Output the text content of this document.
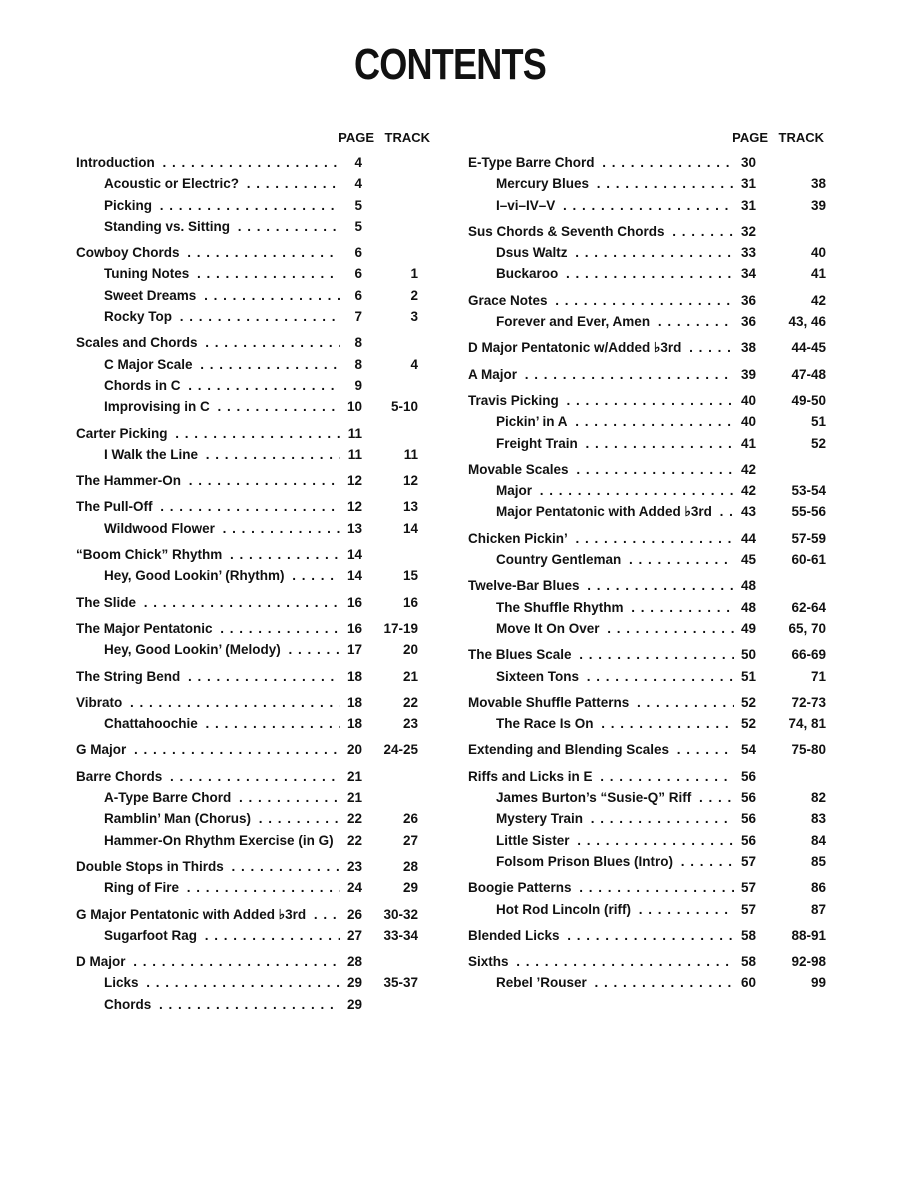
CONTENTS
PAGE TRACK
Introduction . . .	4
Acoustic or Electric? . . .	4
Picking . . .	5
Standing vs. Sitting . . .	5
Cowboy Chords . . .	6
Tuning Notes . . .	6	1
Sweet Dreams . . .	6	2
Rocky Top . . .	7	3
Scales and Chords . . .	8
C Major Scale . . .	8	4
Chords in C . . .	9
Improvising in C . . .	10	5-10
Carter Picking . . .	11
I Walk the Line . . .	11	11
The Hammer-On . . .	12	12
The Pull-Off . . .	12	13
Wildwood Flower . . .	13	14
“Boom Chick” Rhythm . . .	14
Hey, Good Lookin’ (Rhythm) . . .	14	15
The Slide . . .	16	16
The Major Pentatonic . . .	16	17-19
Hey, Good Lookin’ (Melody) . . .	17	20
The String Bend . . .	18	21
Vibrato . . .	18	22
Chattahoochie . . .	18	23
G Major . . .	20	24-25
Barre Chords . . .	21
A-Type Barre Chord . . .	21
Ramblin’ Man (Chorus) . . .	22	26
Hammer-On Rhythm Exercise (in G) . . . 22	27
Double Stops in Thirds . . .	23	28
Ring of Fire . . .	24	29
G Major Pentatonic with Added ♭3rd . . .	26	30-32
Sugarfoot Rag . . .	27	33-34
D Major . . .	28
Licks . . .	29	35-37
Chords . . .	29
PAGE TRACK
E-Type Barre Chord . . .	30
Mercury Blues . . .	31	38
I–vi–IV–V . . .	31	39
Sus Chords & Seventh Chords . . .	32
Dsus Waltz . . .	33	40
Buckaroo . . .	34	41
Grace Notes . . .	36	42
Forever and Ever, Amen . . .	36	43, 46
D Major Pentatonic w/Added ♭3rd . . .	38	44-45
A Major . . .	39	47-48
Travis Picking . . .	40	49-50
Pickin’ in A . . .	40	51
Freight Train . . .	41	52
Movable Scales . . .	42
Major . . .	42	53-54
Major Pentatonic with Added ♭3rd . . .	43	55-56
Chicken Pickin’ . . .	44	57-59
Country Gentleman . . .	45	60-61
Twelve-Bar Blues . . .	48
The Shuffle Rhythm . . .	48	62-64
Move It On Over . . .	49	65, 70
The Blues Scale . . .	50	66-69
Sixteen Tons . . .	51	71
Movable Shuffle Patterns . . .	52	72-73
The Race Is On . . .	52	74, 81
Extending and Blending Scales . . .	54	75-80
Riffs and Licks in E . . .	56
James Burton’s “Susie-Q” Riff . . .	56	82
Mystery Train . . .	56	83
Little Sister . . .	56	84
Folsom Prison Blues (Intro) . . .	57	85
Boogie Patterns . . .	57	86
Hot Rod Lincoln (riff) . . .	57	87
Blended Licks . . .	58	88-91
Sixths . . .	58	92-98
Rebel ’Rouser . . .	60	99
